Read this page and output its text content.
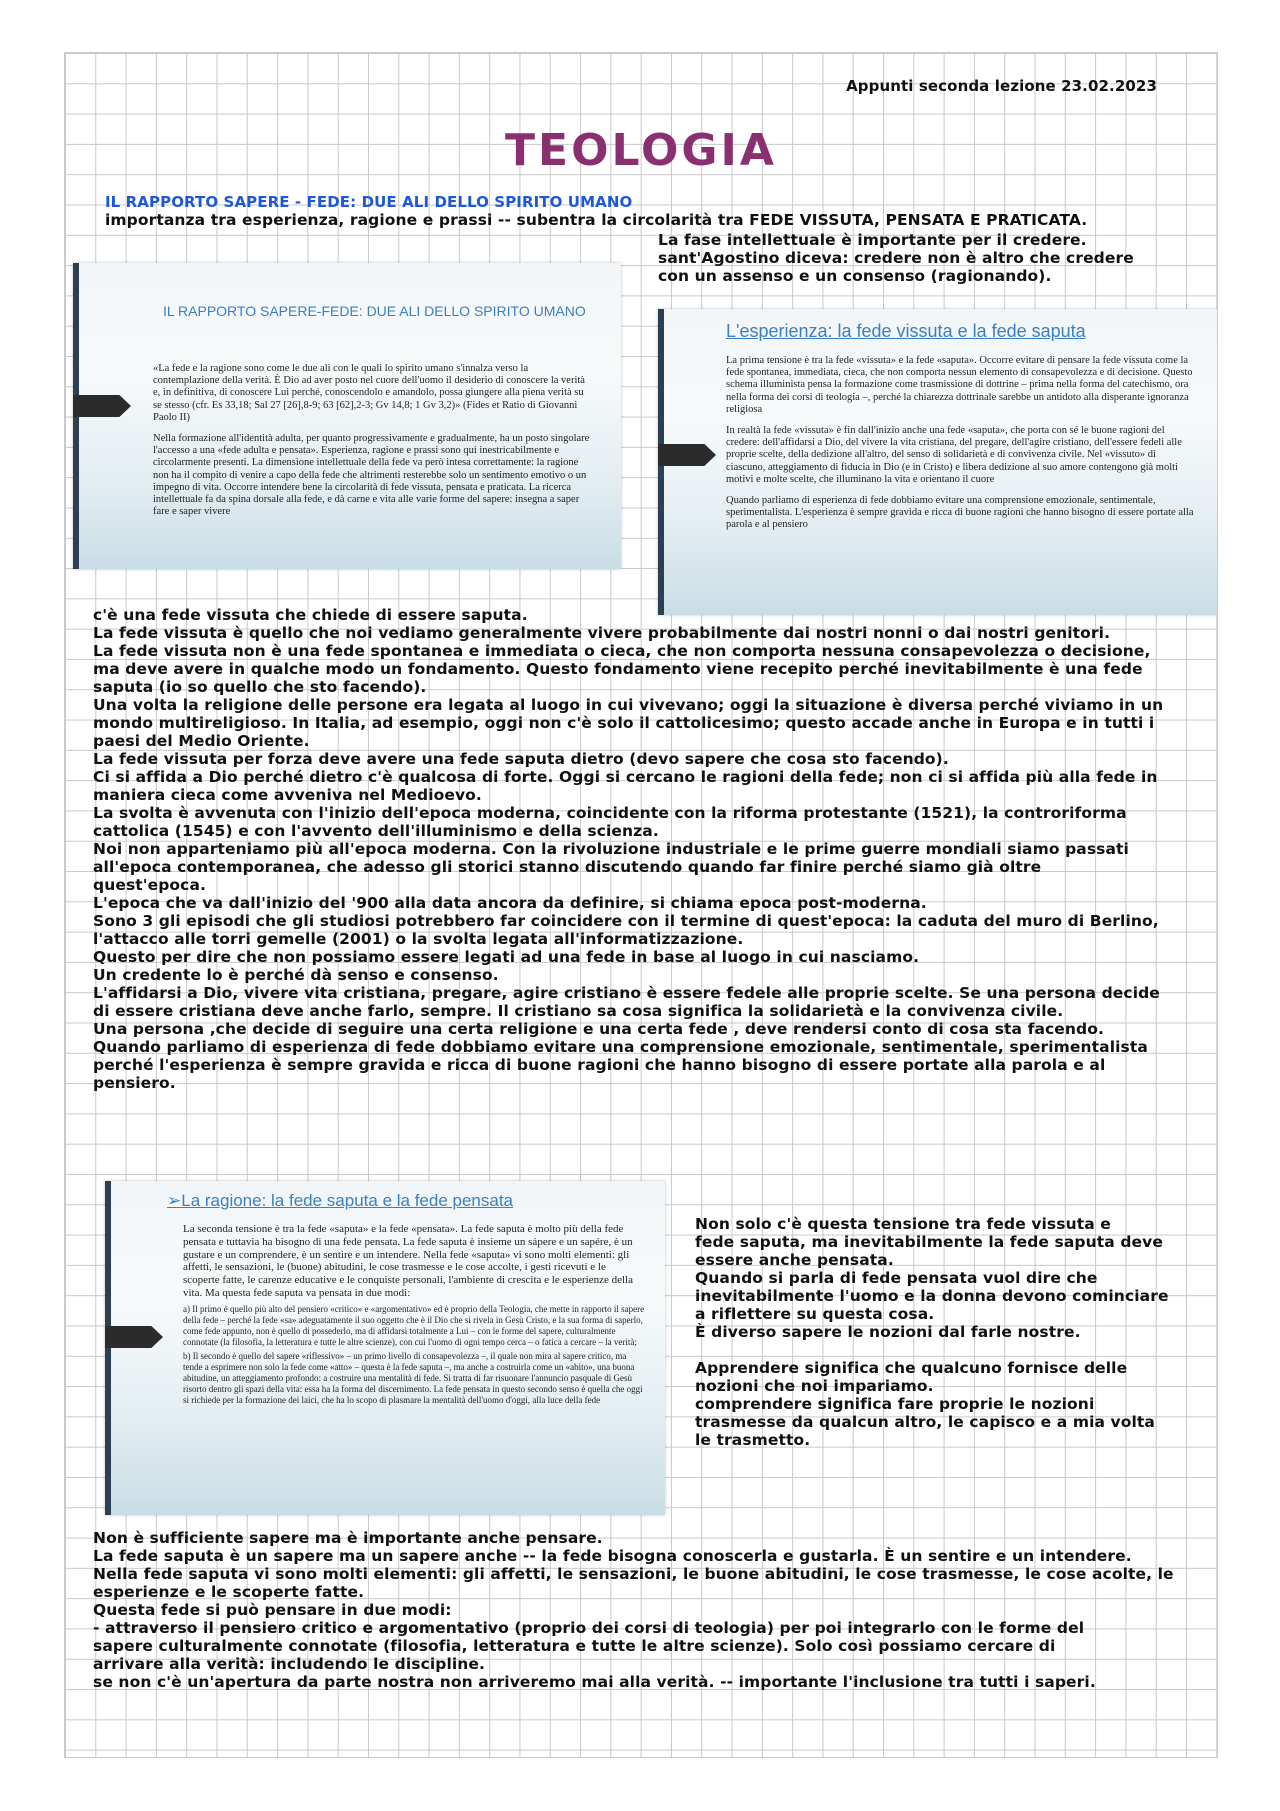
Appunti seconda lezione 23.02.2023
TEOLOGIA
IL RAPPORTO SAPERE - FEDE: DUE ALI DELLO SPIRITO UMANO
importanza tra esperienza, ragione e prassi -- subentra la circolarità tra FEDE VISSUTA, PENSATA E PRATICATA.

La fase intellettuale è importante per il credere.

sant'Agostino diceva: credere non è altro che credere

con un assenso e un consenso (ragionando).

IL RAPPORTO SAPERE-FEDE: DUE ALI DELLO SPIRITO UMANO

«La fede e la ragione sono come le due ali con le quali lo spirito umano s'innalza verso la contemplazione della verità. È Dio ad aver posto nel cuore dell'uomo il desiderio di conoscere la verità e, in definitiva, di conoscere Lui perché, conoscendolo e amandolo, possa giungere alla piena verità su se stesso (cfr. Es 33,18; Sal 27 [26],8-9; 63 [62],2-3; Gv 14,8; 1 Gv 3,2)» (Fides et Ratio di Giovanni Paolo II)

Nella formazione all'identità adulta, per quanto progressivamente e gradualmente, ha un posto singolare l'accesso a una «fede adulta e pensata». Esperienza, ragione e prassi sono qui inestricabilmente e circolarmente presenti. La dimensione intellettuale della fede va però intesa correttamente: la ragione non ha il compito di venire a capo della fede che altrimenti resterebbe solo un sentimento emotivo o un impegno di vita. Occorre intendere bene la circolarità di fede vissuta, pensata e praticata. La ricerca intellettuale fa da spina dorsale alla fede, e dà carne e vita alle varie forme del sapere: insegna a saper fare e saper vivere

L'esperienza: la fede vissuta e la fede saputa

La prima tensione è tra la fede «vissuta» e la fede «saputa». Occorre evitare di pensare la fede vissuta come la fede spontanea, immediata, cieca, che non comporta nessun elemento di consapevolezza e di decisione. Questo schema illuminista pensa la formazione come trasmissione di dottrine – prima nella forma del catechismo, ora nella forma dei corsi di teologia –, perché la chiarezza dottrinale sarebbe un antidoto alla disperante ignoranza religiosa

In realtà la fede «vissuta» è fin dall'inizio anche una fede «saputa», che porta con sé le buone ragioni del credere: dell'affidarsi a Dio, del vivere la vita cristiana, del pregare, dell'agire cristiano, dell'essere fedeli alle proprie scelte, della dedizione all'altro, del senso di solidarietà e di convivenza civile. Nel «vissuto» di ciascuno, atteggiamento di fiducia in Dio (e in Cristo) e libera dedizione al suo amore contengono già molti motivi e molte scelte, che illuminano la vita e orientano il cuore

Quando parliamo di esperienza di fede dobbiamo evitare una comprensione emozionale, sentimentale, sperimentalista. L'esperienza è sempre gravida e ricca di buone ragioni che hanno bisogno di essere portate alla parola e al pensiero

c'è una fede vissuta che chiede di essere saputa.

La fede vissuta è quello che noi vediamo generalmente vivere probabilmente dai nostri nonni o dai nostri genitori.

La fede vissuta non è una fede spontanea e immediata o cieca, che non comporta nessuna consapevolezza o decisione,

ma deve avere in qualche modo un fondamento. Questo fondamento viene recepito perché inevitabilmente è una fede

saputa (io so quello che sto facendo).

Una volta la religione delle persone era legata al luogo in cui vivevano; oggi la situazione è diversa perché viviamo in un

mondo multireligioso. In Italia, ad esempio, oggi non c'è solo il cattolicesimo; questo accade anche in Europa e in tutti i

paesi del Medio Oriente.

La fede vissuta per forza deve avere una fede saputa dietro (devo sapere che cosa sto facendo).

Ci si affida a Dio perché dietro c'è qualcosa di forte. Oggi si cercano le ragioni della fede; non ci si affida più alla fede in

maniera cieca come avveniva nel Medioevo.

La svolta è avvenuta con l'inizio dell'epoca moderna, coincidente con la riforma protestante (1521), la controriforma

cattolica (1545) e con l'avvento dell'illuminismo e della scienza.

Noi non apparteniamo più all'epoca moderna. Con la rivoluzione industriale e le prime guerre mondiali siamo passati

all'epoca contemporanea, che adesso gli storici stanno discutendo quando far finire perché siamo già oltre

quest'epoca.

L'epoca che va dall'inizio del '900 alla data ancora da definire, si chiama epoca post-moderna.

Sono 3 gli episodi che gli studiosi potrebbero far coincidere con il termine di quest'epoca: la caduta del muro di Berlino,

l'attacco alle torri gemelle (2001) o la svolta legata all'informatizzazione.

Questo per dire che non possiamo essere legati ad una fede in base al luogo in cui nasciamo.

Un credente lo è perché dà senso e consenso.

L'affidarsi a Dio, vivere vita cristiana, pregare, agire cristiano è essere fedele alle proprie scelte. Se una persona decide

di essere cristiana deve anche farlo, sempre. Il cristiano sa cosa significa la solidarietà e la convivenza civile.

Una persona ,che decide di seguire una certa religione e una certa fede , deve rendersi conto di cosa sta facendo.

Quando parliamo di esperienza di fede dobbiamo evitare una comprensione emozionale, sentimentale, sperimentalista

perché l'esperienza è sempre gravida e ricca di buone ragioni che hanno bisogno di essere portate alla parola e al

pensiero.

➢La ragione: la fede saputa e la fede pensata

La seconda tensione è tra la fede «saputa» e la fede «pensata». La fede saputa è molto più della fede pensata e tuttavia ha bisogno di una fede pensata. La fede saputa è insieme un sápere e un sapére, è un gustare e un comprendere, è un sentire e un intendere. Nella fede «saputa» vi sono molti elementi: gli affetti, le sensazioni, le (buone) abitudini, le cose trasmesse e le cose accolte, i gesti ricevuti e le scoperte fatte, le carenze educative e le conquiste personali, l'ambiente di crescita e le esperienze della vita. Ma questa fede saputa va pensata in due modi:

a) Il primo è quello più alto del pensiero «critico» e «argomentativo» ed è proprio della Teologia, che mette in rapporto il sapere della fede – perché la fede «sa» adeguatamente il suo oggetto che è il Dio che si rivela in Gesù Cristo, e la sua forma di saperlo, come fede appunto, non è quello di possederlo, ma di affidarsi totalmente a Lui – con le forme del sapere, culturalmente connotate (la filosofia, la letteratura e tutte le altre scienze), con cui l'uomo di ogni tempo cerca – o fatica a cercare – la verità;

b) Il secondo è quello del sapere «riflessivo» – un primo livello di consapevolezza –, il quale non mira al sapere critico, ma tende a esprimere non solo la fede come «atto» – questa è la fede saputa –, ma anche a costruirla come un «abito», una buona abitudine, un atteggiamento profondo: a costruire una mentalità di fede. Si tratta di far risuonare l'annuncio pasquale di Gesù risorto dentro gli spazi della vita: essa ha la forma del discernimento. La fede pensata in questo secondo senso è quella che oggi si richiede per la formazione dei laici, che ha lo scopo di plasmare la mentalità dell'uomo d'oggi, alla luce della fede

Non solo c'è questa tensione tra fede vissuta e

fede saputa, ma inevitabilmente la fede saputa deve

essere anche pensata.

Quando si parla di fede pensata vuol dire che

inevitabilmente l'uomo e la donna devono cominciare

a riflettere su questa cosa.

È diverso sapere le nozioni dal farle nostre.

Apprendere significa che qualcuno fornisce delle

nozioni che noi impariamo.

comprendere significa fare proprie le nozioni

trasmesse da qualcun altro, le capisco e a mia volta

le trasmetto.

Non è sufficiente sapere ma è importante anche pensare.

La fede saputa è un sapere ma un sapere anche -- la fede bisogna conoscerla e gustarla. È un sentire e un intendere.

Nella fede saputa vi sono molti elementi: gli affetti, le sensazioni, le buone abitudini, le cose trasmesse, le cose acolte, le

esperienze e le scoperte fatte.

Questa fede si può pensare in due modi:

- attraverso il pensiero critico e argomentativo (proprio dei corsi di teologia) per poi integrarlo con le forme del

sapere culturalmente connotate (filosofia, letteratura e tutte le altre scienze). Solo così possiamo cercare di

arrivare alla verità: includendo le discipline.

se non c'è un'apertura da parte nostra non arriveremo mai alla verità. -- importante l'inclusione tra tutti i saperi.
